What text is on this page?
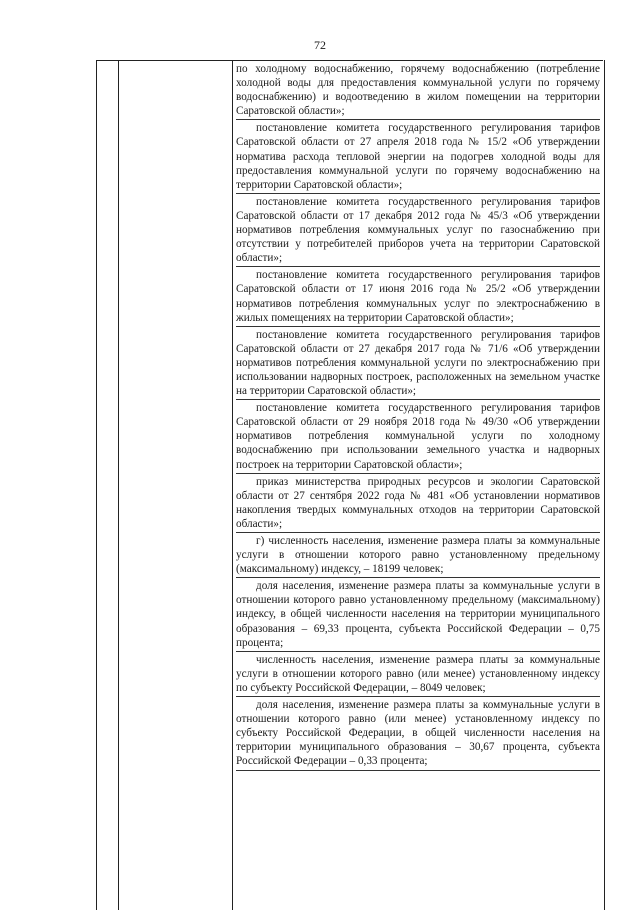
72

по холодному водоснабжению, горячему водоснабжению (потребление холодной воды для предоставления коммунальной услуги по горячему водоснабжению) и водоотведению в жилом помещении на территории Саратовской области»;

постановление комитета государственного регулирования тарифов Саратовской области от 27 апреля 2018 года № 15/2 «Об утверждении норматива расхода тепловой энергии на подогрев холодной воды для предоставления коммунальной услуги по горячему водоснабжению на территории Саратовской области»;

постановление комитета государственного регулирования тарифов Саратовской области от 17 декабря 2012 года № 45/3 «Об утверждении нормативов потребления коммунальных услуг по газоснабжению при отсутствии у потребителей приборов учета на территории Саратовской области»;

постановление комитета государственного регулирования тарифов Саратовской области от 17 июня 2016 года № 25/2 «Об утверждении нормативов потребления коммунальных услуг по электроснабжению в жилых помещениях на территории Саратовской области»;

постановление комитета государственного регулирования тарифов Саратовской области от 27 декабря 2017 года № 71/6 «Об утверждении нормативов потребления коммунальной услуги по электроснабжению при использовании надворных построек, расположенных на земельном участке на территории Саратовской области»;

постановление комитета государственного регулирования тарифов Саратовской области от 29 ноября 2018 года № 49/30 «Об утверждении нормативов потребления коммунальной услуги по холодному водоснабжению при использовании земельного участка и надворных построек на территории Саратовской области»;

приказ министерства природных ресурсов и экологии Саратовской области от 27 сентября 2022 года № 481 «Об установлении нормативов накопления твердых коммунальных отходов на территории Саратовской области»;

г) численность населения, изменение размера платы за коммунальные услуги в отношении которого равно установленному предельному (максимальному) индексу, – 18199 человек;

доля населения, изменение размера платы за коммунальные услуги в отношении которого равно установленному предельному (максимальному) индексу, в общей численности населения на территории муниципального образования – 69,33 процента, субъекта Российской Федерации – 0,75 процента;

численность населения, изменение размера платы за коммунальные услуги в отношении которого равно (или менее) установленному индексу по субъекту Российской Федерации, – 8049 человек;

доля населения, изменение размера платы за коммунальные услуги в отношении которого равно (или менее) установленному индексу по субъекту Российской Федерации, в общей численности населения на территории муниципального образования – 30,67 процента, субъекта Российской Федерации – 0,33 процента;
